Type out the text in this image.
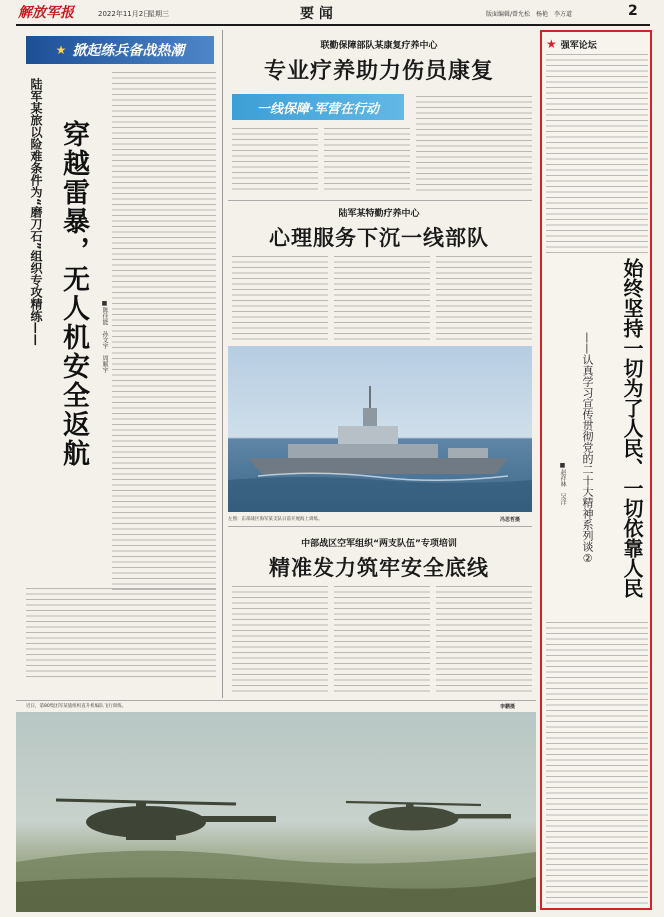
解放军报	2022年11月2日
星期三	要 闻	版面编辑/曾允松　杨艳　李方道	2
★ 掀起练兵备战热潮
陆军某旅以险难条件为“磨刀石”组织专攻精练—— 穿越雷暴，无人机安全返航 ■陈佳能　孙文宇　周顺宇
联勤保障部队某康复疗养中心
专业疗养助力伤员康复
一线保障·军营在行动
陆军某特勤疗养中心
心理服务下沉一线部队
左图：东部战区海军某支队日前开展海上训练。	冯思哲摄
中部战区空军组织“两支队伍”专项培训
精准发力筑牢安全底线
近日，第80集团军某旅组织直升机编队飞行训练。	李鹏摄
★ 强军论坛
始终坚持一切为了人民、一切依靠人民
——认真学习宣传贯彻党的二十大精神系列谈②
■赵祥林　吴洋
